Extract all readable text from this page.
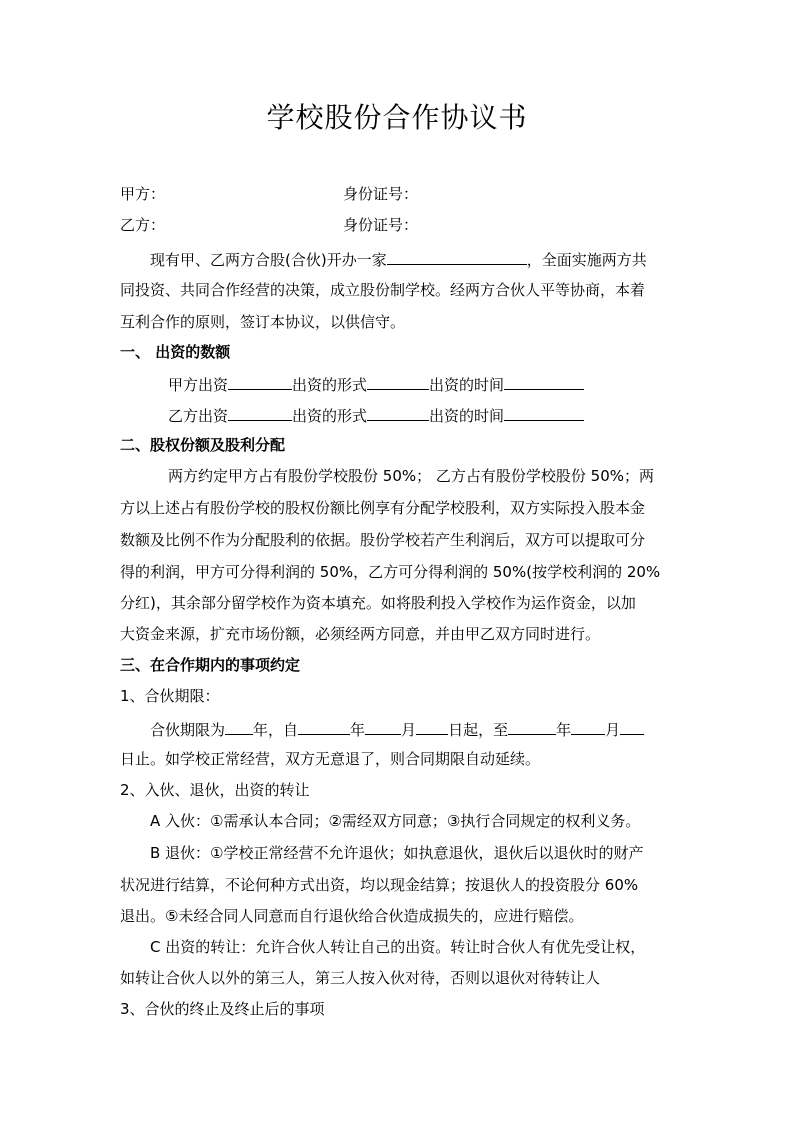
学校股份合作协议书
甲方：	身份证号：
乙方：	身份证号：
现有甲、乙两方合股(合伙)开办一家	，全面实施两方共
同投资、共同合作经营的决策，成立股份制学校。经两方合伙人平等协商，本着
互利合作的原则，签订本协议，以供信守。
一、 出资的数额
甲方出资	出资的形式	出资的时间
乙方出资	出资的形式	出资的时间
二、股权份额及股利分配
两方约定甲方占有股份学校股份 50%； 乙方占有股份学校股份 50%；两
方以上述占有股份学校的股权份额比例享有分配学校股利，双方实际投入股本金
数额及比例不作为分配股利的依据。股份学校若产生利润后，双方可以提取可分
得的利润，甲方可分得利润的 50%，乙方可分得利润的 50%(按学校利润的 20%
分红)，其余部分留学校作为资本填充。如将股利投入学校作为运作资金，以加
大资金来源，扩充市场份额，必须经两方同意，并由甲乙双方同时进行。
三、在合作期内的事项约定
1、合伙期限：
合伙期限为 年，自	年 月 日起，至	年 月
日止。如学校正常经营，双方无意退了，则合同期限自动延续。
2、入伙、退伙，出资的转让
A 入伙：①需承认本合同；②需经双方同意；③执行合同规定的权利义务。
B 退伙：①学校正常经营不允许退伙；如执意退伙，退伙后以退伙时的财产
状况进行结算，不论何种方式出资，均以现金结算；按退伙人的投资股分 60%
退出。⑤未经合同人同意而自行退伙给合伙造成损失的，应进行赔偿。
C 出资的转让：允许合伙人转让自己的出资。转让时合伙人有优先受让权，
如转让合伙人以外的第三人，第三人按入伙对待，否则以退伙对待转让人
3、合伙的终止及终止后的事项
